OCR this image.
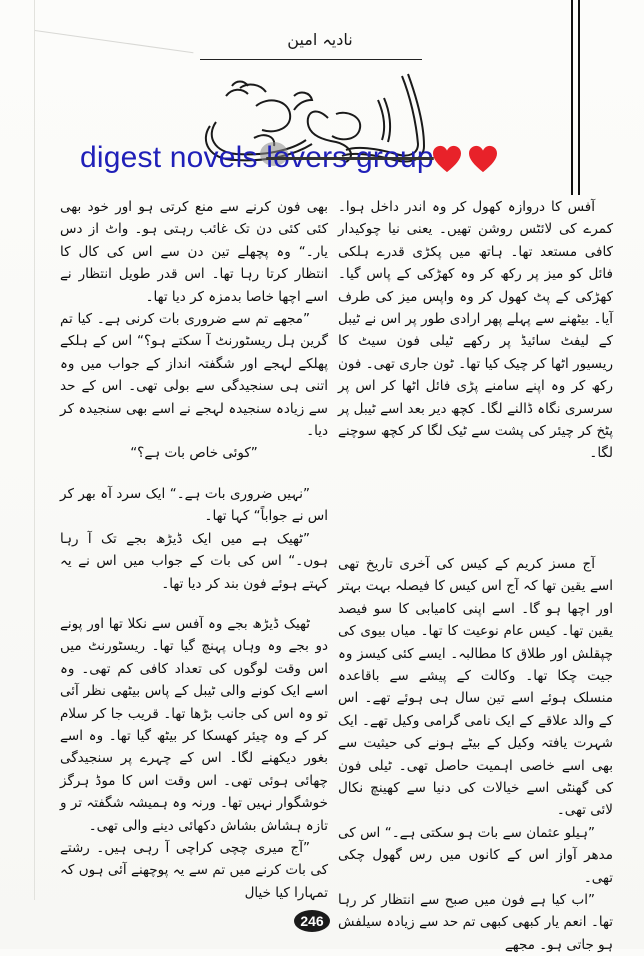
نادیہ امین
digest novels lovers group

آفس کا دروازہ کھول کر وہ اندر داخل ہوا۔ کمرے کی لائٹس روشن تھیں۔ یعنی نیا چوکیدار کافی مستعد تھا۔ ہاتھ میں پکڑی قدرے ہلکی فائل کو میز پر رکھ کر وہ کھڑکی کے پاس گیا۔ کھڑکی کے پٹ کھول کر وہ واپس میز کی طرف آیا۔ بیٹھنے سے پہلے پھر ارادی طور پر اس نے ٹیبل کے لیفٹ سائیڈ پر رکھے ٹیلی فون سیٹ کا ریسیور اٹھا کر چیک کیا تھا۔ ٹون جاری تھی۔ فون رکھ کر وہ اپنے سامنے پڑی فائل اٹھا کر اس پر سرسری نگاہ ڈالنے لگا۔ کچھ دیر بعد اسے ٹیبل پر پٹخ کر چیئر کی پشت سے ٹیک لگا کر کچھ سوچنے لگا۔

آج مسز کریم کے کیس کی آخری تاریخ تھی اسے یقین تھا کہ آج اس کیس کا فیصلہ بہت بہتر اور اچھا ہو گا۔ اسے اپنی کامیابی کا سو فیصد یقین تھا۔ کیس عام نوعیت کا تھا۔ میاں بیوی کی چپقلش اور طلاق کا مطالبہ۔ ایسے کئی کیسز وہ جیت چکا تھا۔ وکالت کے پیشے سے باقاعدہ منسلک ہوئے اسے تین سال ہی ہوئے تھے۔ اس کے والد علاقے کے ایک نامی گرامی وکیل تھے۔ ایک شہرت یافتہ وکیل کے بیٹے ہونے کی حیثیت سے بھی اسے خاصی اہمیت حاصل تھی۔ ٹیلی فون کی گھنٹی اسے خیالات کی دنیا سے کھینچ نکال لائی تھی۔

”ہیلو عثمان سے بات ہو سکتی ہے۔“ اس کی مدھر آواز اس کے کانوں میں رس گھول چکی تھی۔

”اب کیا ہے فون میں صبح سے انتظار کر رہا تھا۔ انعم یار کبھی کبھی تم حد سے زیادہ سیلفش ہو جاتی ہو۔ مجھے

بھی فون کرنے سے منع کرتی ہو اور خود بھی کئی کئی دن تک غائب رہتی ہو۔ واٹ از دس یار۔“ وہ پچھلے تین دن سے اس کی کال کا انتظار کرتا رہا تھا۔ اس قدر طویل انتظار نے اسے اچھا خاصا بدمزہ کر دیا تھا۔

”مجھے تم سے ضروری بات کرنی ہے۔ کیا تم گرین ہل ریسٹورنٹ آ سکتے ہو؟“ اس کے ہلکے پھلکے لہجے اور شگفتہ انداز کے جواب میں وہ اتنی ہی سنجیدگی سے بولی تھی۔ اس کے حد سے زیادہ سنجیدہ لہجے نے اسے بھی سنجیدہ کر دیا۔

”کوئی خاص بات ہے؟“

”نہیں ضروری بات ہے۔“ ایک سرد آہ بھر کر اس نے جواباً“ کہا تھا۔

”ٹھیک ہے میں ایک ڈیڑھ بجے تک آ رہا ہوں۔“ اس کی بات کے جواب میں اس نے یہ کہتے ہوئے فون بند کر دیا تھا۔

ٹھیک ڈیڑھ بجے وہ آفس سے نکلا تھا اور پونے دو بجے وہ وہاں پہنچ گیا تھا۔ ریسٹورنٹ میں اس وقت لوگوں کی تعداد کافی کم تھی۔ وہ اسے ایک کونے والی ٹیبل کے پاس بیٹھی نظر آئی تو وہ اس کی جانب بڑھا تھا۔ قریب جا کر سلام کر کے وہ چیئر کھسکا کر بیٹھ گیا تھا۔ وہ اسے بغور دیکھنے لگا۔ اس کے چہرے پر سنجیدگی چھائی ہوئی تھی۔ اس وقت اس کا موڈ ہرگز خوشگوار نہیں تھا۔ ورنہ وہ ہمیشہ شگفتہ تر و تازہ ہشاش بشاش دکھائی دینے والی تھی۔

”آج میری چچی کراچی آ رہی ہیں۔ رشتے کی بات کرنے میں تم سے یہ پوچھنے آئی ہوں کہ تمہارا کیا خیال

246
